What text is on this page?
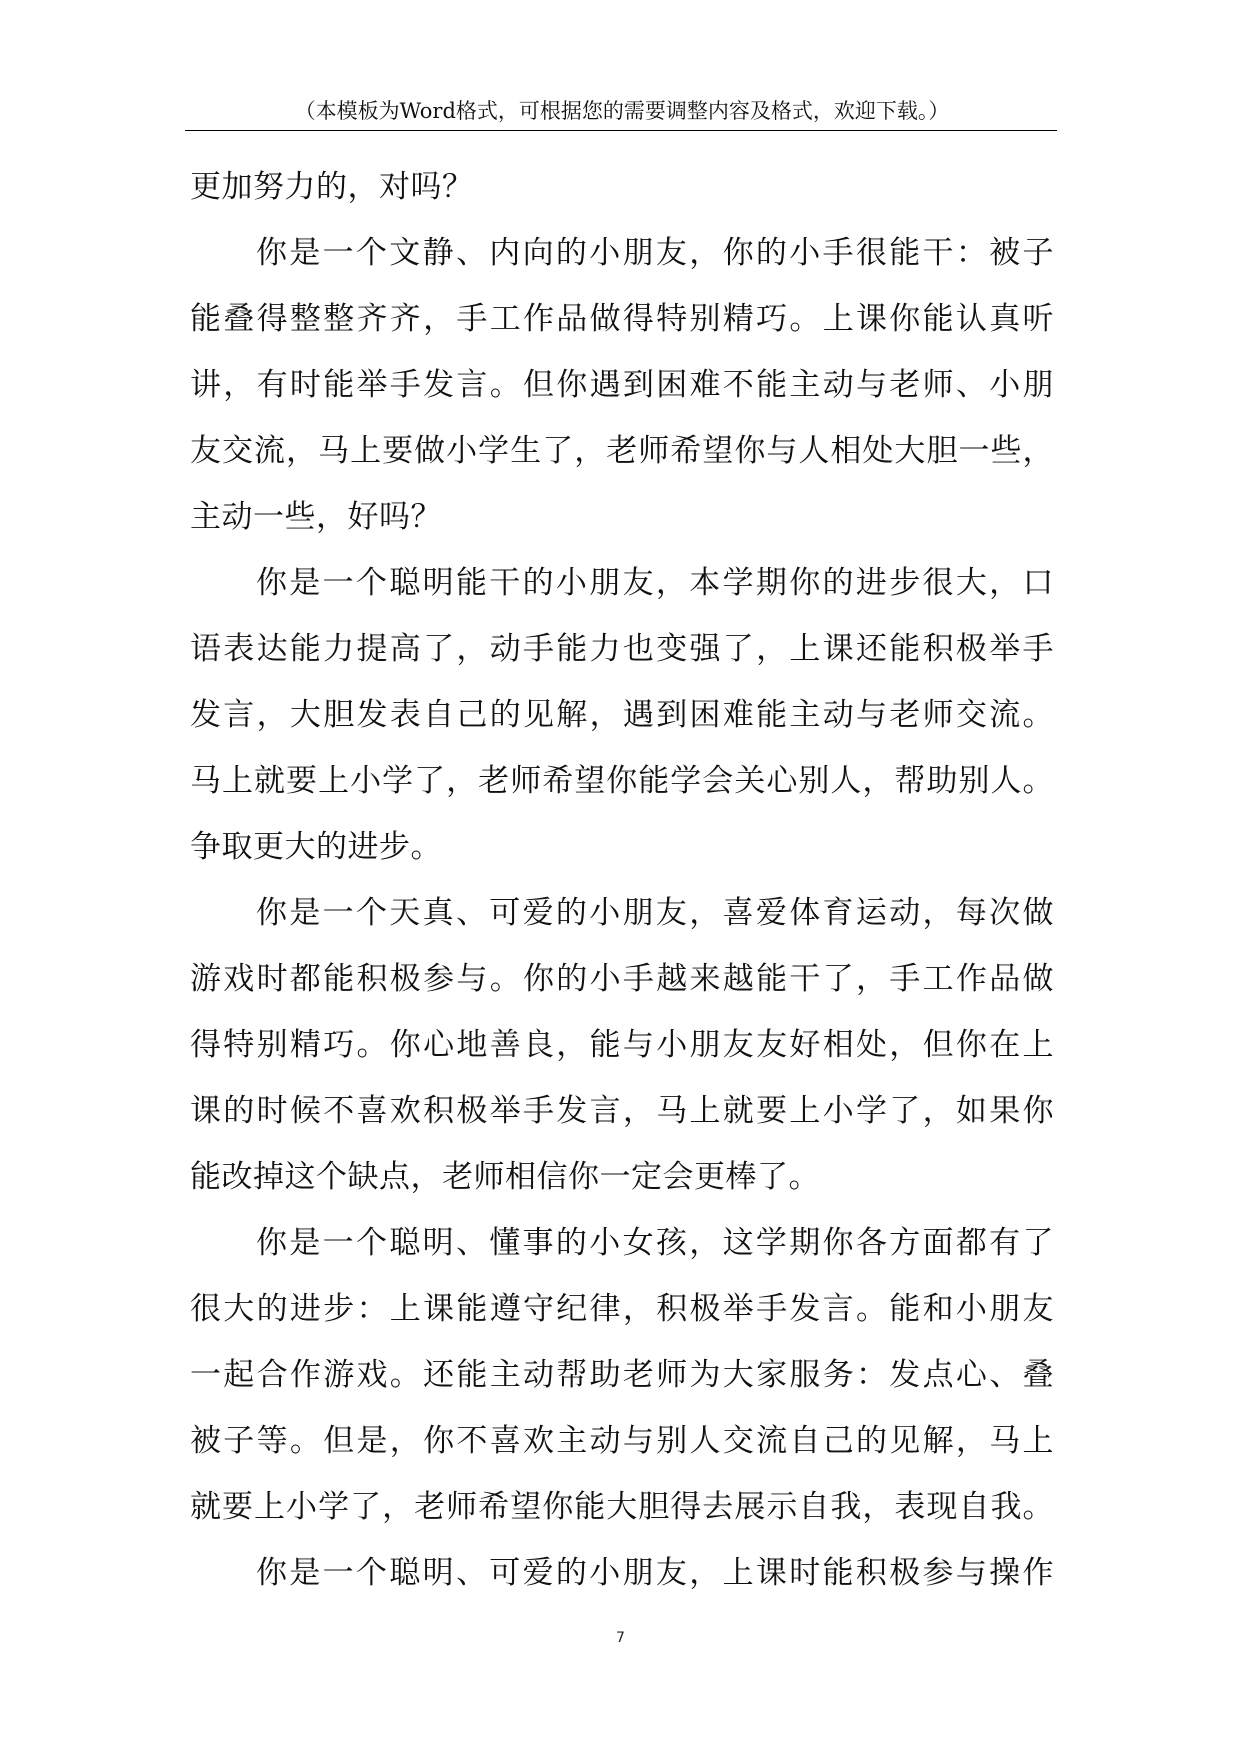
（本模板为Word格式，可根据您的需要调整内容及格式，欢迎下载。）
更加努力的，对吗？
你是一个文静、内向的小朋友，你的小手很能干：被子
能叠得整整齐齐，手工作品做得特别精巧。上课你能认真听
讲，有时能举手发言。但你遇到困难不能主动与老师、小朋
友交流，马上要做小学生了，老师希望你与人相处大胆一些，
主动一些，好吗？
你是一个聪明能干的小朋友，本学期你的进步很大，口
语表达能力提高了，动手能力也变强了，上课还能积极举手
发言，大胆发表自己的见解，遇到困难能主动与老师交流。
马上就要上小学了，老师希望你能学会关心别人，帮助别人。
争取更大的进步。
你是一个天真、可爱的小朋友，喜爱体育运动，每次做
游戏时都能积极参与。你的小手越来越能干了，手工作品做
得特别精巧。你心地善良，能与小朋友友好相处，但你在上
课的时候不喜欢积极举手发言，马上就要上小学了，如果你
能改掉这个缺点，老师相信你一定会更棒了。
你是一个聪明、懂事的小女孩，这学期你各方面都有了
很大的进步：上课能遵守纪律，积极举手发言。能和小朋友
一起合作游戏。还能主动帮助老师为大家服务：发点心、叠
被子等。但是，你不喜欢主动与别人交流自己的见解，马上
就要上小学了，老师希望你能大胆得去展示自我，表现自我。
你是一个聪明、可爱的小朋友，上课时能积极参与操作
7
